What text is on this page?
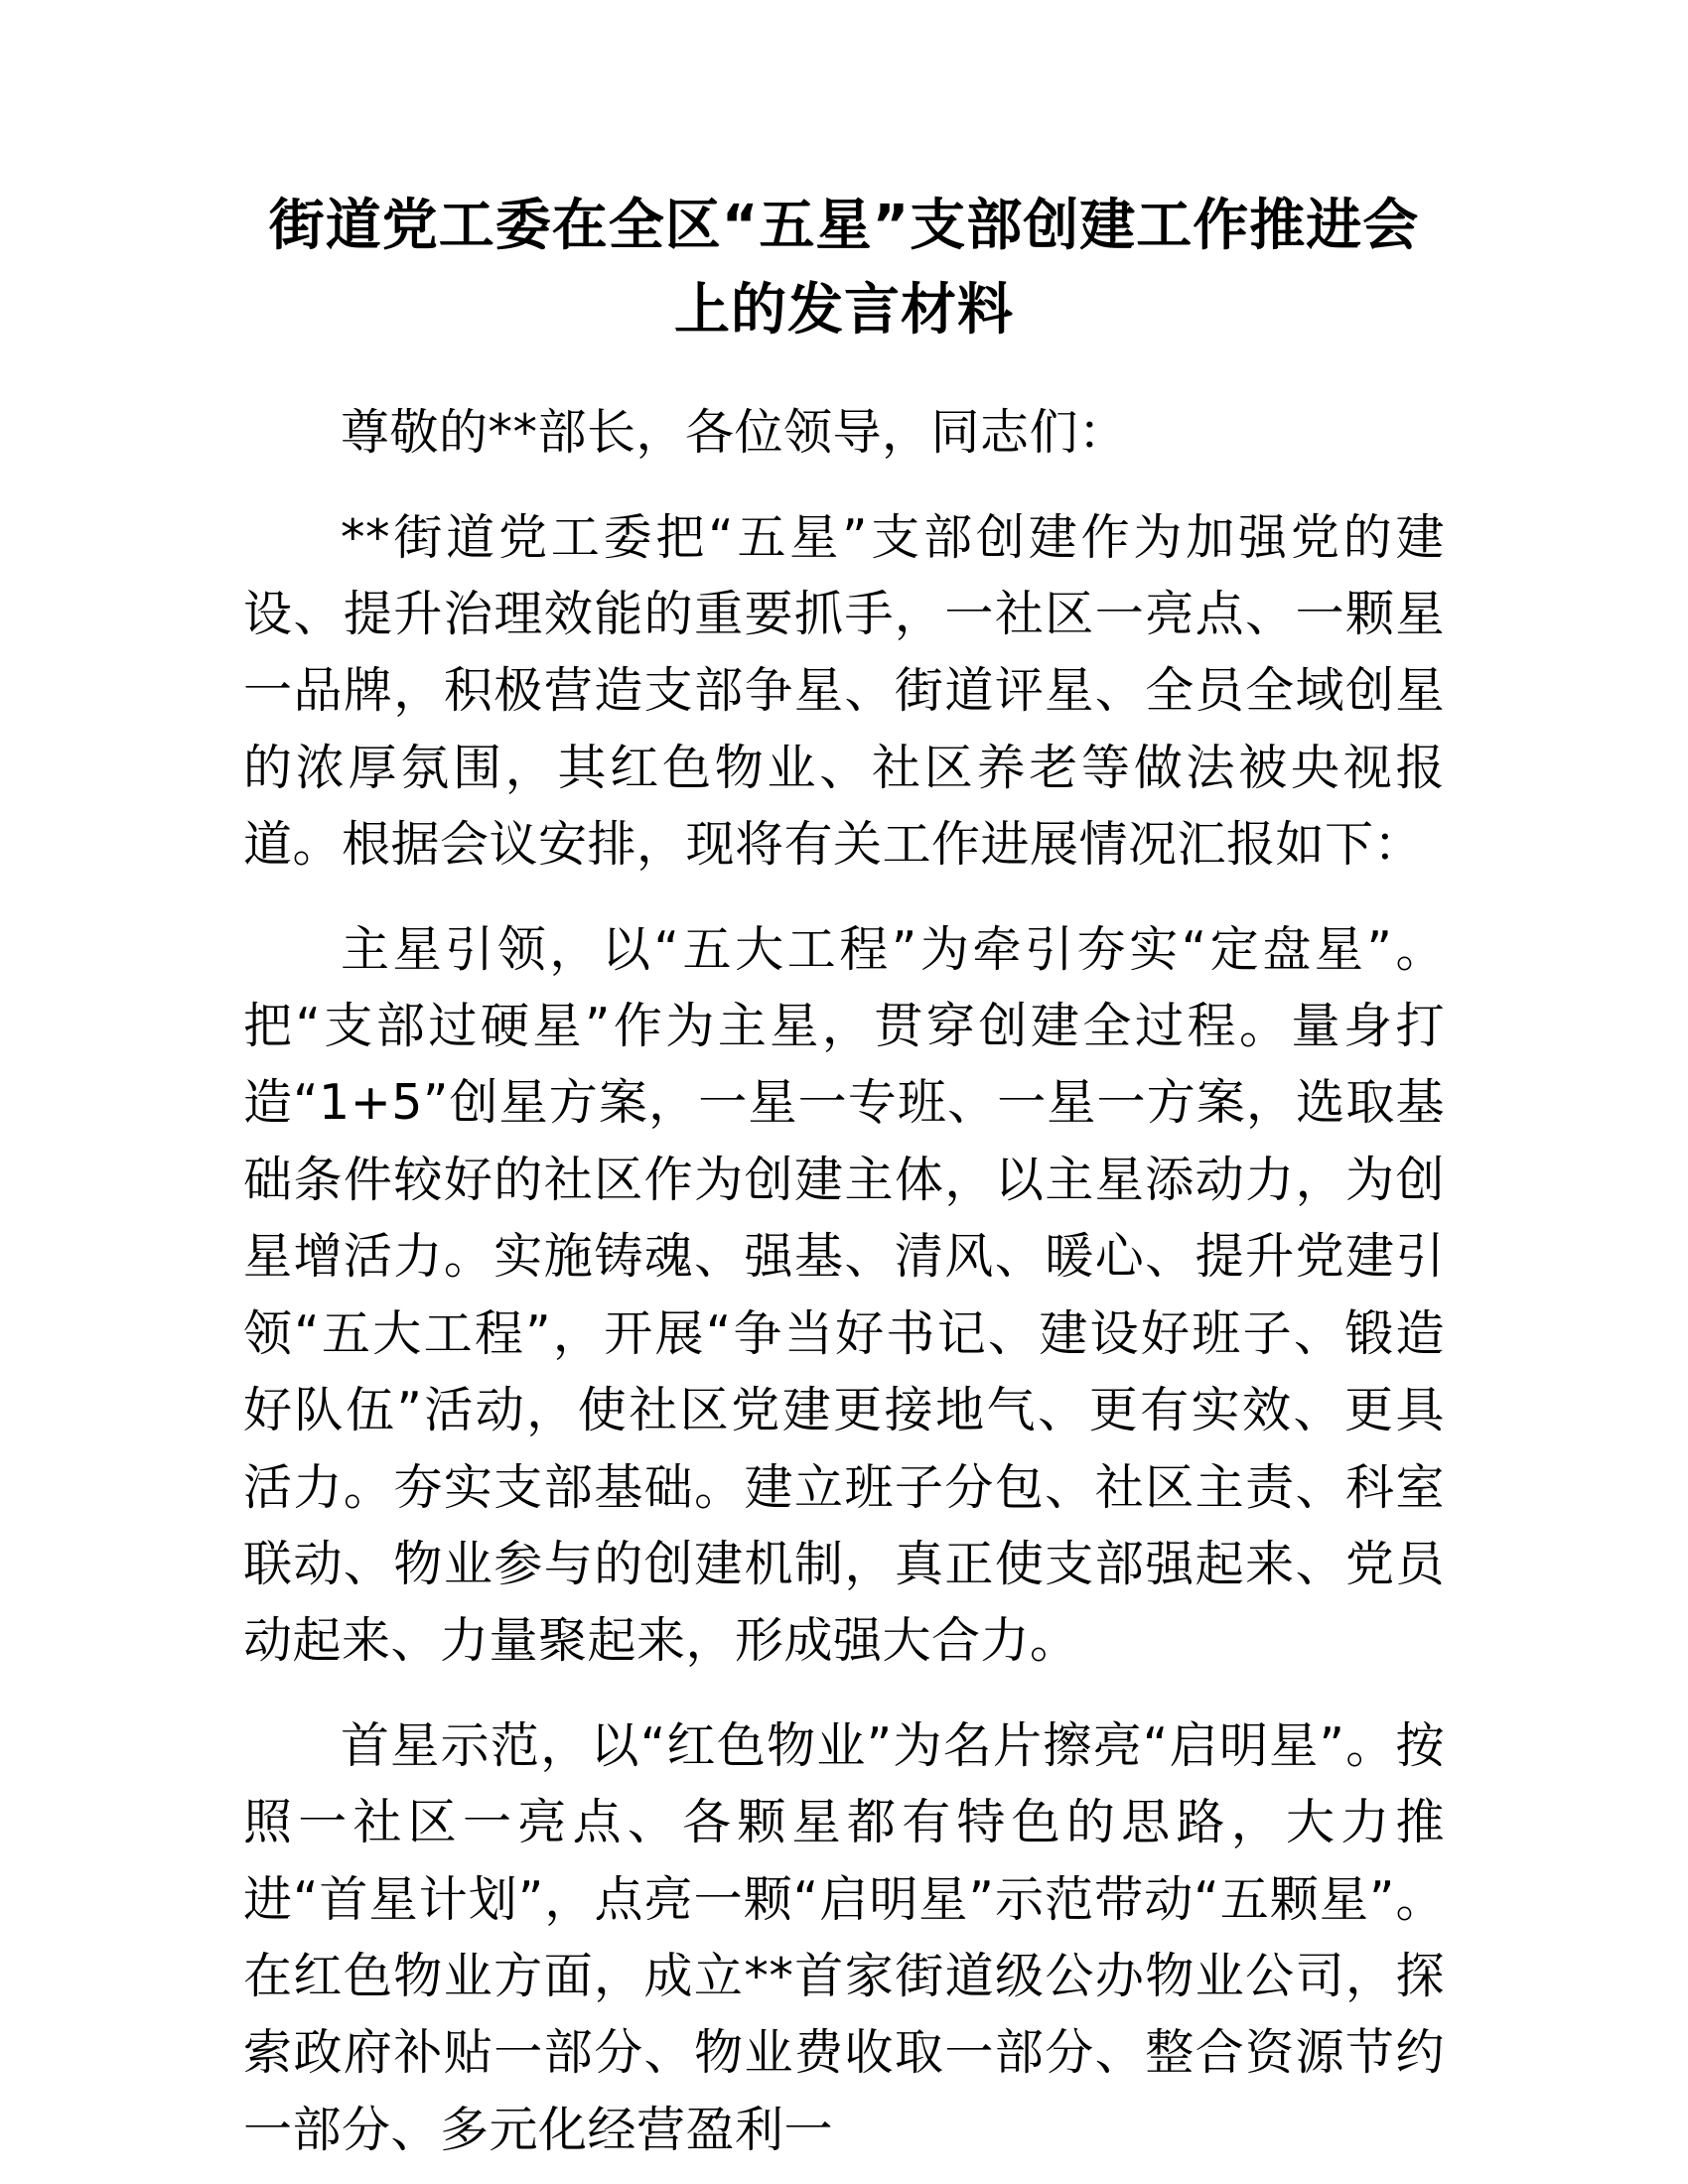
街道党工委在全区“五星”支部创建工作推进会上的发言材料

尊敬的**部长，各位领导，同志们：

**街道党工委把“五星”支部创建作为加强党的建设、提升治理效能的重要抓手，一社区一亮点、一颗星一品牌，积极营造支部争星、街道评星、全员全域创星的浓厚氛围，其红色物业、社区养老等做法被央视报道。根据会议安排，现将有关工作进展情况汇报如下：

主星引领，以“五大工程”为牵引夯实“定盘星”。把“支部过硬星”作为主星，贯穿创建全过程。量身打造“1+5”创星方案，一星一专班、一星一方案，选取基础条件较好的社区作为创建主体，以主星添动力，为创星增活力。实施铸魂、强基、清风、暖心、提升党建引领“五大工程”，开展“争当好书记、建设好班子、锻造好队伍”活动，使社区党建更接地气、更有实效、更具活力。夯实支部基础。建立班子分包、社区主责、科室联动、物业参与的创建机制，真正使支部强起来、党员动起来、力量聚起来，形成强大合力。

首星示范，以“红色物业”为名片擦亮“启明星”。按照一社区一亮点、各颗星都有特色的思路，大力推进“首星计划”，点亮一颗“启明星”示范带动“五颗星”。在红色物业方面，成立**首家街道级公办物业公司，探索政府补贴一部分、物业费收取一部分、整合资源节约一部分、多元化经营盈利一
